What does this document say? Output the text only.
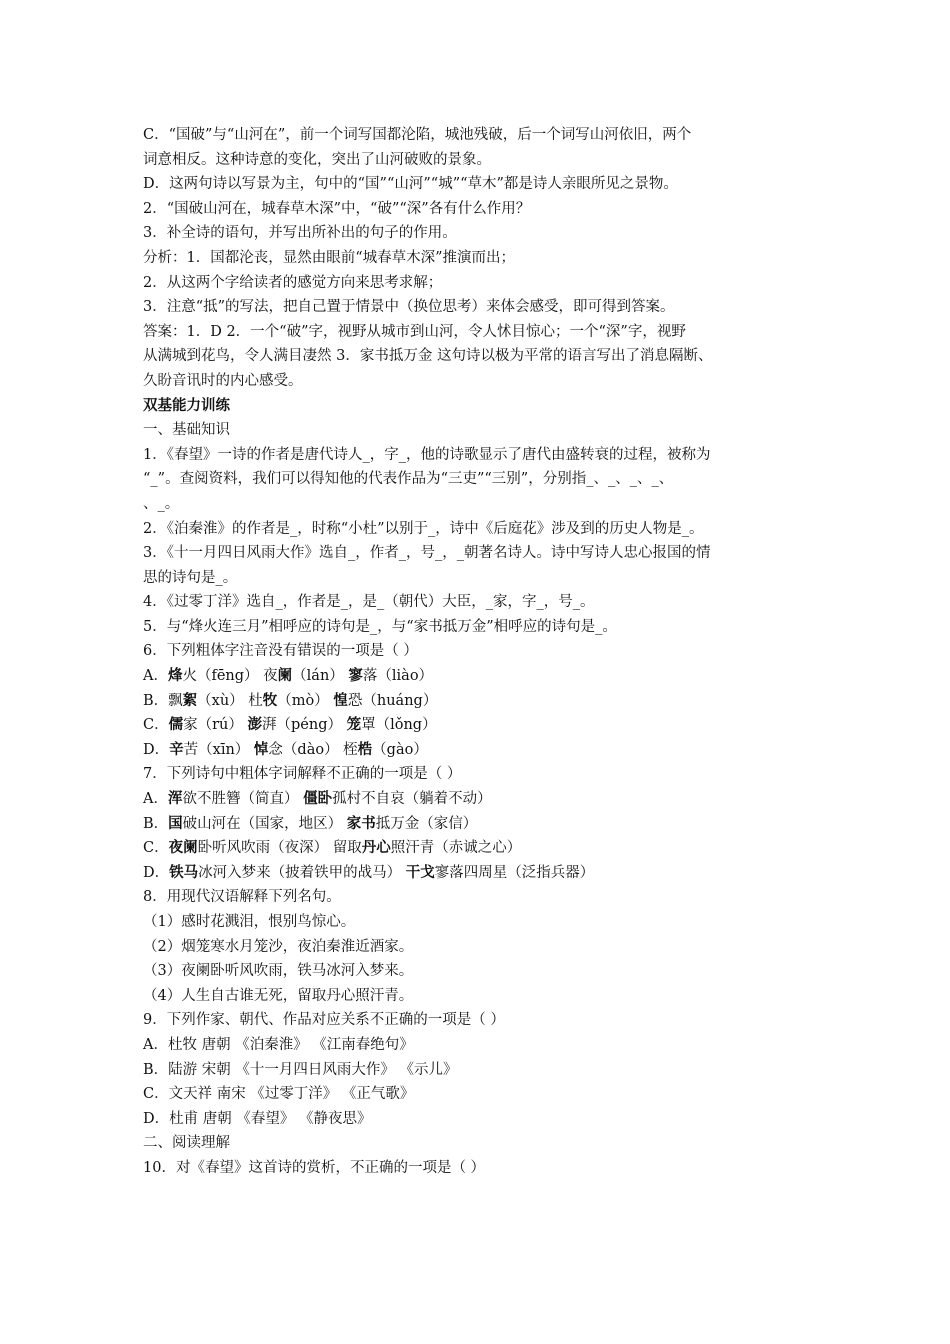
C．“国破”与“山河在”，前一个词写国都沦陷，城池残破，后一个词写山河依旧，两个
词意相反。这种诗意的变化，突出了山河破败的景象。
D．这两句诗以写景为主，句中的“国”“山河”“城”“草木”都是诗人亲眼所见之景物。
2．“国破山河在，城春草木深”中，“破”“深”各有什么作用？
3．补全诗的语句，并写出所补出的句子的作用。
分析：1．国都沦丧，显然由眼前“城春草木深”推演而出；
2．从这两个字给读者的感觉方向来思考求解；
3．注意“抵”的写法，把自己置于情景中（换位思考）来体会感受，即可得到答案。
答案：1．D 2．一个“破”字，视野从城市到山河，令人怵目惊心；一个“深”字，视野
从满城到花鸟，令人满目凄然 3．家书抵万金 这句诗以极为平常的语言写出了消息隔断、
久盼音讯时的内心感受。
双基能力训练
一、基础知识
1．《春望》一诗的作者是唐代诗人_，字_，他的诗歌显示了唐代由盛转衰的过程，被称为
“_”。查阅资料，我们可以得知他的代表作品为“三吏”“三别”，分别指_、_、_、_、
、_。
2．《泊秦淮》的作者是_，时称“小杜”以别于_，诗中《后庭花》涉及到的历史人物是_。
3．《十一月四日风雨大作》选自_，作者_，号_，_朝著名诗人。诗中写诗人忠心报国的情
思的诗句是_。
4．《过零丁洋》选自_，作者是_，是_（朝代）大臣，_家，字_，号_。
5．与“烽火连三月”相呼应的诗句是_，与“家书抵万金”相呼应的诗句是_。
6．下列粗体字注音没有错误的一项是（ ）
A．烽火（fēng） 夜阑（lán） 寥落（liào）
B．飘絮（xù） 杜牧（mò） 惶恐（huáng）
C．儒家（rú） 澎湃（péng） 笼罩（lǒng）
D．辛苦（xīn） 悼念（dào） 桎梏（gào）
7．下列诗句中粗体字词解释不正确的一项是（ ）
A．浑欲不胜簪（简直） 僵卧孤村不自哀（躺着不动）
B．国破山河在（国家，地区） 家书抵万金（家信）
C．夜阑卧听风吹雨（夜深） 留取丹心照汗青（赤诚之心）
D．铁马冰河入梦来（披着铁甲的战马） 干戈寥落四周星（泛指兵器）
8．用现代汉语解释下列名句。
（1）感时花溅泪，恨别鸟惊心。
（2）烟笼寒水月笼沙，夜泊秦淮近酒家。
（3）夜阑卧听风吹雨，铁马冰河入梦来。
（4）人生自古谁无死，留取丹心照汗青。
9．下列作家、朝代、作品对应关系不正确的一项是（ ）
A．杜牧 唐朝 《泊秦淮》 《江南春绝句》
B．陆游 宋朝 《十一月四日风雨大作》 《示儿》
C．文天祥 南宋 《过零丁洋》 《正气歌》
D．杜甫 唐朝 《春望》 《静夜思》
二、阅读理解
10．对《春望》这首诗的赏析，不正确的一项是（ ）
